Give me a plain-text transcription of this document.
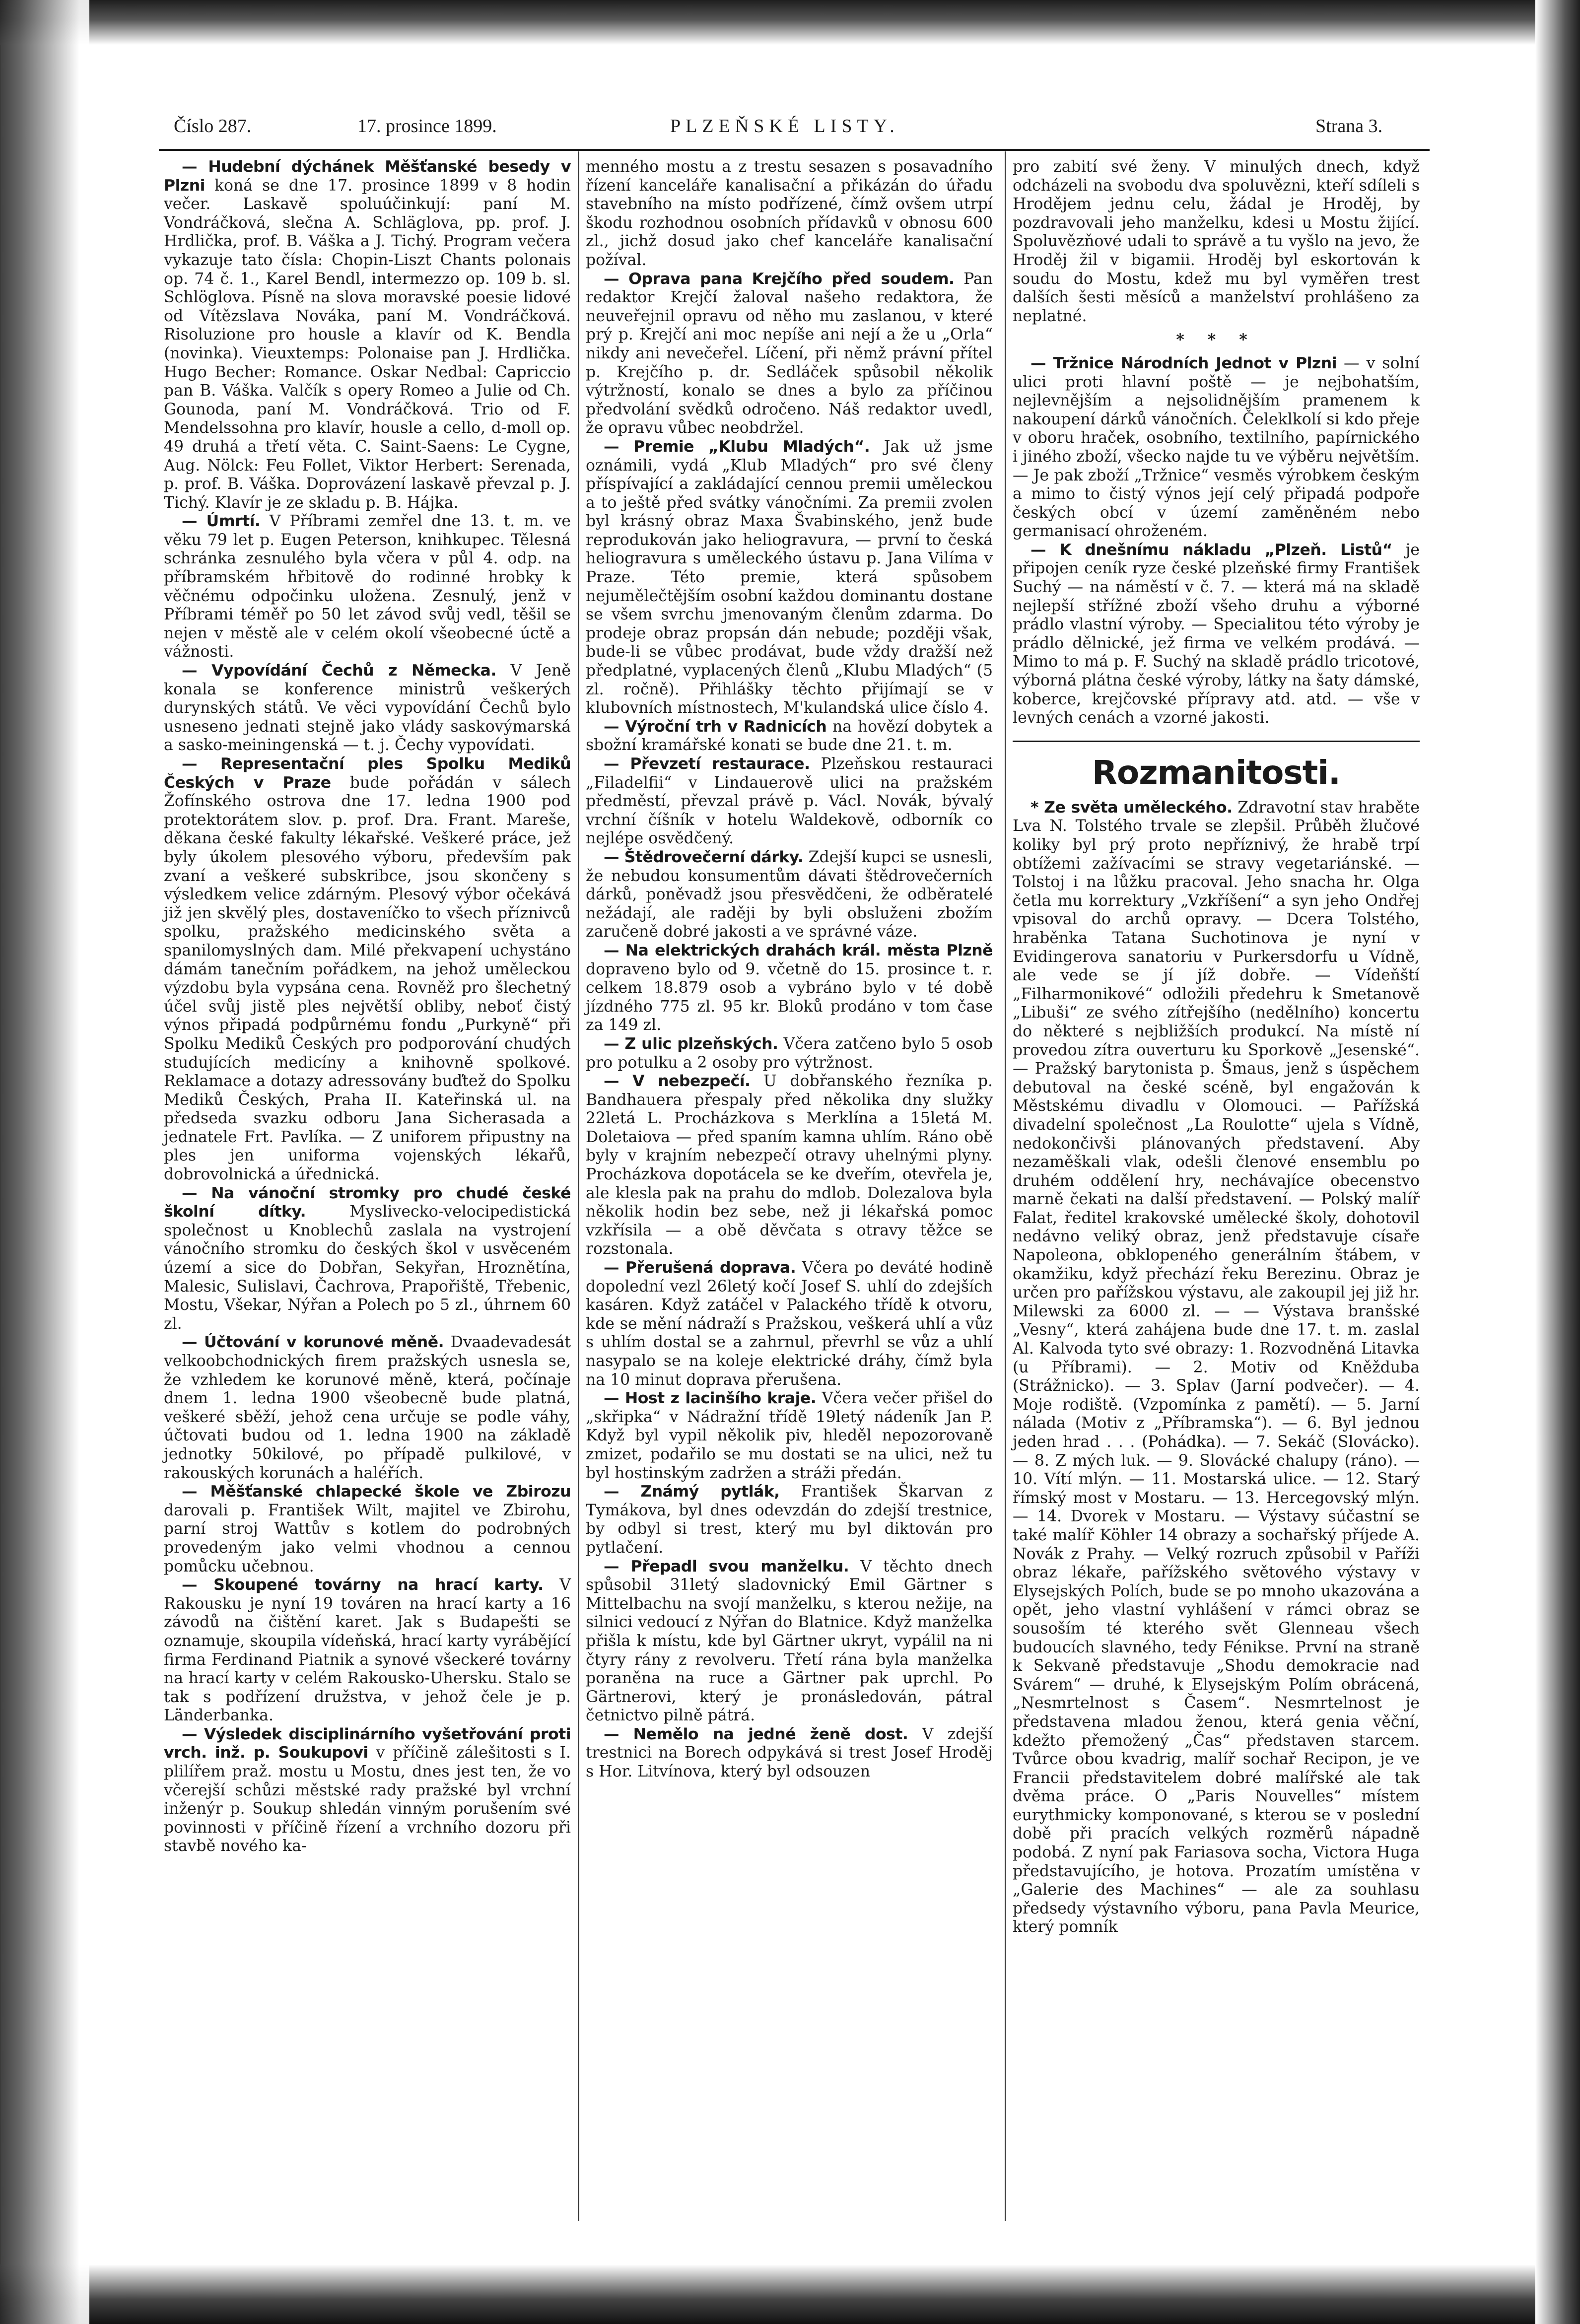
Číslo 287.	17. prosince 1899.	PLZEŇSKÉ LISTY.	Strana 3.

— Hudební dýchánek Měšťanské besedy v Plzni koná se dne 17. prosince 1899 v 8 hodin večer. Laskavě spoluúčinkují: paní M. Vondráčková, slečna A. Schläglova, pp. prof. J. Hrdlička, prof. B. Váška a J. Tichý. Program večera vykazuje tato čísla: Chopin-Liszt Chants polonais op. 74 č. 1., Karel Bendl, intermezzo op. 109 b. sl. Schlöglova. Písně na slova moravské poesie lidové od Vítězslava Nováka, paní M. Vondráčková. Risoluzione pro housle a klavír od K. Bendla (novinka). Vieuxtemps: Polonaise pan J. Hrdlička. Hugo Becher: Romance. Oskar Nedbal: Capriccio pan B. Váška. Valčík s opery Romeo a Julie od Ch. Gounoda, paní M. Vondráčková. Trio od F. Mendelssohna pro klavír, housle a cello, d-moll op. 49 druhá a třetí věta. C. Saint-Saens: Le Cygne, Aug. Nölck: Feu Follet, Viktor Herbert: Serenada, p. prof. B. Váška. Doprovázení laskavě převzal p. J. Tichý. Klavír je ze skladu p. B. Hájka.

— Úmrtí. V Příbrami zemřel dne 13. t. m. ve věku 79 let p. Eugen Peterson, knihkupec. Tělesná schránka zesnulého byla včera v půl 4. odp. na příbramském hřbitově do rodinné hrobky k věčnému odpočinku uložena. Zesnulý, jenž v Příbrami téměř po 50 let závod svůj vedl, těšil se nejen v městě ale v celém okolí všeobecné úctě a vážnosti.

— Vypovídání Čechů z Německa. V Jeně konala se konference ministrů veškerých durynských států. Ve věci vypovídání Čechů bylo usneseno jednati stejně jako vlády saskovýmarská a sasko-meiningenská — t. j. Čechy vypovídati.

— Representační ples Spolku Mediků Českých v Praze bude pořádán v sálech Žofínského ostrova dne 17. ledna 1900 pod protektorátem slov. p. prof. Dra. Frant. Mareše, děkana české fakulty lékařské. Veškeré práce, jež byly úkolem plesového výboru, především pak zvaní a veškeré subskribce, jsou skončeny s výsledkem velice zdárným. Plesový výbor očekává již jen skvělý ples, dostaveníčko to všech příznivců spolku, pražského medicinského světa a spanilomyslných dam. Milé překvapení uchystáno dámám tanečním pořádkem, na jehož uměleckou výzdobu byla vypsána cena. Rovněž pro šlechetný účel svůj jistě ples největší obliby, neboť čistý výnos připadá podpůrnému fondu „Purkyně“ při Spolku Mediků Českých pro podporování chudých studujících medicíny a knihovně spolkové. Reklamace a dotazy adressovány buďtež do Spolku Mediků Českých, Praha II. Kateřinská ul. na předseda svazku odboru Jana Sicherasada a jednatele Frt. Pavlíka. — Z uniforem připustny na ples jen uniforma vojenských lékařů, dobrovolnická a úřednická.

— Na vánoční stromky pro chudé české školní dítky. Myslivecko-velocipedistická společnost u Knoblechů zaslala na vystrojení vánočního stromku do českých škol v usvěceném území a sice do Dobřan, Sekyřan, Hroznětína, Malesic, Sulislavi, Čachrova, Prapořiště, Třebenic, Mostu, Všekar, Nýřan a Polech po 5 zl., úhrnem 60 zl.

— Účtování v korunové měně. Dvaadevadesát velkoobchodnických firem pražských usnesla se, že vzhledem ke korunové měně, která, počínaje dnem 1. ledna 1900 všeobecně bude platná, veškeré sběží, jehož cena určuje se podle váhy, účtovati budou od 1. ledna 1900 na základě jednotky 50kilové, po případě pulkilové, v rakouských korunách a haléřích.

— Měšťanské chlapecké škole ve Zbirozu darovali p. František Wilt, majitel ve Zbirohu, parní stroj Wattův s kotlem do podrobných provedeným jako velmi vhodnou a cennou pomůcku učebnou.

— Skoupené továrny na hrací karty. V Rakousku je nyní 19 továren na hrací karty a 16 závodů na čištění karet. Jak s Budapešti se oznamuje, skoupila vídeňská, hrací karty vyrábějící firma Ferdinand Piatnik a synové všeckeré továrny na hrací karty v celém Rakousko-Uhersku. Stalo se tak s podřízení družstva, v jehož čele je p. Länderbanka.

— Výsledek disciplinárního vyšetřování proti vrch. inž. p. Soukupovi v příčině zálešitosti s I. plilířem praž. mostu u Mostu, dnes jest ten, že vo včerejší schůzi městské rady pražské byl vrchní inženýr p. Soukup shledán vinným porušením své povinnosti v příčině řízení a vrchního dozoru při stavbě nového ka-

menného mostu a z trestu sesazen s posavadního řízení kanceláře kanalisační a přikázán do úřadu stavebního na místo podřízené, čímž ovšem utrpí škodu rozhodnou osobních přídavků v obnosu 600 zl., jichž dosud jako chef kanceláře kanalisační požíval.

— Oprava pana Krejčího před soudem. Pan redaktor Krejčí žaloval našeho redaktora, že neuveřejnil opravu od něho mu zaslanou, v které prý p. Krejčí ani moc nepíše ani nejí a že u „Orla“ nikdy ani nevečeřel. Líčení, při němž právní přítel p. Krejčího p. dr. Sedláček spůsobil několik výtržností, konalo se dnes a bylo za příčinou předvolání svědků odročeno. Náš redaktor uvedl, že opravu vůbec neobdržel.

— Premie „Klubu Mladých“. Jak už jsme oznámili, vydá „Klub Mladých“ pro své členy příspívající a zakládající cennou premii uměleckou a to ještě před svátky vánočními. Za premii zvolen byl krásný obraz Maxa Švabinského, jenž bude reprodukován jako heliogravura, — první to česká heliogravura s uměleckého ústavu p. Jana Vilíma v Praze. Této premie, která spůsobem nejumělečtějším osobní každou dominantu dostane se všem svrchu jmenovaným členům zdarma. Do prodeje obraz propsán dán nebude; později však, bude-li se vůbec prodávat, bude vždy dražší než předplatné, vyplacených členů „Klubu Mladých“ (5 zl. ročně). Přihlášky těchto přijímají se v klubovních místnostech, M'kulandská ulice číslo 4.

— Výroční trh v Radnicích na hovězí dobytek a sbožní kramářské konati se bude dne 21. t. m.

— Převzetí restaurace. Plzeňskou restauraci „Filadelfii“ v Lindauerově ulici na pražském předměstí, převzal právě p. Václ. Novák, bývalý vrchní číšník v hotelu Waldekově, odborník co nejlépe osvědčený.

— Štědrovečerní dárky. Zdejší kupci se usnesli, že nebudou konsumentům dávati štědrovečerních dárků, poněvadž jsou přesvědčeni, že odběratelé nežádají, ale raději by byli obsluženi zbožím zaručeně dobré jakosti a ve správné váze.

— Na elektrických drahách král. města Plzně dopraveno bylo od 9. včetně do 15. prosince t. r. celkem 18.879 osob a vybráno bylo v té době jízdného 775 zl. 95 kr. Bloků prodáno v tom čase za 149 zl.

— Z ulic plzeňských. Včera zatčeno bylo 5 osob pro potulku a 2 osoby pro výtržnost.

— V nebezpečí. U dobřanského řezníka p. Bandhauera přespaly před několika dny služky 22letá L. Procházkova s Merklína a 15letá M. Doletaiova — před spaním kamna uhlím. Ráno obě byly v krajním nebezpečí otravy uhelnými plyny. Procházkova dopotácela se ke dveřím, otevřela je, ale klesla pak na prahu do mdlob. Dolezalova byla několik hodin bez sebe, než ji lékařská pomoc vzkřísila — a obě děvčata s otravy těžce se rozstonala.

— Přerušená doprava. Včera po deváté hodině dopolední vezl 26letý kočí Josef S. uhlí do zdejších kasáren. Když zatáčel v Palackého třídě k otvoru, kde se mění nádraží s Pražskou, veškerá uhlí a vůz s uhlím dostal se a zahrnul, převrhl se vůz a uhlí nasypalo se na koleje elektrické dráhy, čímž byla na 10 minut doprava přerušena.

— Host z lacinšího kraje. Včera večer přišel do „skřipka“ v Nádražní třídě 19letý nádeník Jan P. Když byl vypil několik piv, hleděl nepozorovaně zmizet, podařilo se mu dostati se na ulici, než tu byl hostinským zadržen a stráži předán.

— Známý pytlák, František Škarvan z Tymákova, byl dnes odevzdán do zdejší trestnice, by odbyl si trest, který mu byl diktován pro pytlačení.

— Přepadl svou manželku. V těchto dnech spůsobil 31letý sladovnický Emil Gärtner s Mittelbachu na svojí manželku, s kterou nežije, na silnici vedoucí z Nýřan do Blatnice. Když manželka přišla k místu, kde byl Gärtner ukryt, vypálil na ni čtyry rány z revolveru. Třetí rána byla manželka poraněna na ruce a Gärtner pak uprchl. Po Gärtnerovi, který je pronásledován, pátral četnictvo pilně pátrá.

— Nemělo na jedné ženě dost. V zdejší trestnici na Borech odpykává si trest Josef Hroděj s Hor. Litvínova, který byl odsouzen

pro zabití své ženy. V minulých dnech, když odcházeli na svobodu dva spoluvězni, kteří sdíleli s Hrodějem jednu celu, žádal je Hroděj, by pozdravovali jeho manželku, kdesi u Mostu žijící. Spoluvězňové udali to správě a tu vyšlo na jevo, že Hroděj žil v bigamii. Hroděj byl eskortován k soudu do Mostu, kdež mu byl vyměřen trest dalších šesti měsíců a manželství prohlášeno za neplatné.

* * *

— Tržnice Národních Jednot v Plzni — v solní ulici proti hlavní poště — je nejbohatším, nejlevnějším a nejsolidnějším pramenem k nakoupení dárků vánočních. Čeleklkolí si kdo přeje v oboru hraček, osobního, textilního, papírnického i jiného zboží, všecko najde tu ve výběru největším. — Je pak zboží „Tržnice“ vesměs výrobkem českým a mimo to čistý výnos její celý připadá podpoře českých obcí v území zaměněném nebo germanisací ohroženém.

— K dnešnímu nákladu „Plzeň. Listů“ je připojen ceník ryze české plzeňské firmy František Suchý — na náměstí v č. 7. — která má na skladě nejlepší střížné zboží všeho druhu a výborné prádlo vlastní výroby. — Specialitou této výroby je prádlo dělnické, jež firma ve velkém prodává. — Mimo to má p. F. Suchý na skladě prádlo tricotové, výborná plátna české výroby, látky na šaty dámské, koberce, krejčovské přípravy atd. atd. — vše v levných cenách a vzorné jakosti.

Rozmanitosti.

* Ze světa uměleckého. Zdravotní stav hraběte Lva N. Tolstého trvale se zlepšil. Průběh žlučové koliky byl prý proto nepříznivý, že hrabě trpí obtížemi zažívacími se stravy vegetariánské. — Tolstoj i na lůžku pracoval. Jeho snacha hr. Olga četla mu korrektury „Vzkříšení“ a syn jeho Ondřej vpisoval do archů opravy. — Dcera Tolstého, hraběnka Tatana Suchotinova je nyní v Evidingerova sanatoriu v Purkersdorfu u Vídně, ale vede se jí jíž dobře. — Vídeňští „Filharmonikové“ odložili předehru k Smetanově „Libuši“ ze svého zítřejšího (nedělního) koncertu do některé s nejbližších produkcí. Na místě ní provedou zítra ouverturu ku Sporkově „Jesenské“. — Pražský barytonista p. Šmaus, jenž s úspěchem debutoval na české scéně, byl engažován k Městskému divadlu v Olomouci. — Pařížská divadelní společnost „La Roulotte“ ujela s Vídně, nedokončivši plánovaných představení. Aby nezaměškali vlak, odešli členové ensemblu po druhém oddělení hry, nechávajíce obecenstvo marně čekati na další představení. — Polský malíř Falat, ředitel krakovské umělecké školy, dohotovil nedávno veliký obraz, jenž představuje císaře Napoleona, obklopeného generálním štábem, v okamžiku, když přechází řeku Berezinu. Obraz je určen pro pařížskou výstavu, ale zakoupil jej již hr. Milewski za 6000 zl. — — Výstava branšské „Vesny“, která zahájena bude dne 17. t. m. zaslal Al. Kalvoda tyto své obrazy: 1. Rozvodněná Litavka (u Příbrami). — 2. Motiv od Kněžduba (Strážnicko). — 3. Splav (Jarní podvečer). — 4. Moje rodiště. (Vzpomínka z pamětí). — 5. Jarní nálada (Motiv z „Příbramska“). — 6. Byl jednou jeden hrad . . . (Pohádka). — 7. Sekáč (Slovácko). — 8. Z mých luk. — 9. Slovácké chalupy (ráno). — 10. Vítí mlýn. — 11. Mostarská ulice. — 12. Starý římský most v Mostaru. — 13. Hercegovský mlýn. — 14. Dvorek v Mostaru. — Výstavy súčastní se také malíř Köhler 14 obrazy a sochařský příjede A. Novák z Prahy. — Velký rozruch způsobil v Paříži obraz lékaře, pařížského světového výstavy v Elysejských Polích, bude se po mnoho ukazována a opět, jeho vlastní vyhlášení v rámci obraz se sousoším té kterého svět Glenneau všech budoucích slavného, tedy Fénikse. První na straně k Sekvaně představuje „Shodu demokracie nad Svárem“ — druhé, k Elysejským Polím obrácená, „Nesmrtelnost s Časem“. Nesmrtelnost je představena mladou ženou, která genia věční, kdežto přemožený „Čas“ představen starcem. Tvůrce obou kvadrig, malíř sochař Recipon, je ve Francii představitelem dobré malířské ale tak dvěma práce. O „Paris Nouvelles“ místem eurythmicky komponované, s kterou se v poslední době při pracích velkých rozměrů nápadně podobá. Z nyní pak Fariasova socha, Victora Huga představujícího, je hotova. Prozatím umístěna v „Galerie des Machines“ — ale za souhlasu předsedy výstavního výboru, pana Pavla Meurice, který pomník
